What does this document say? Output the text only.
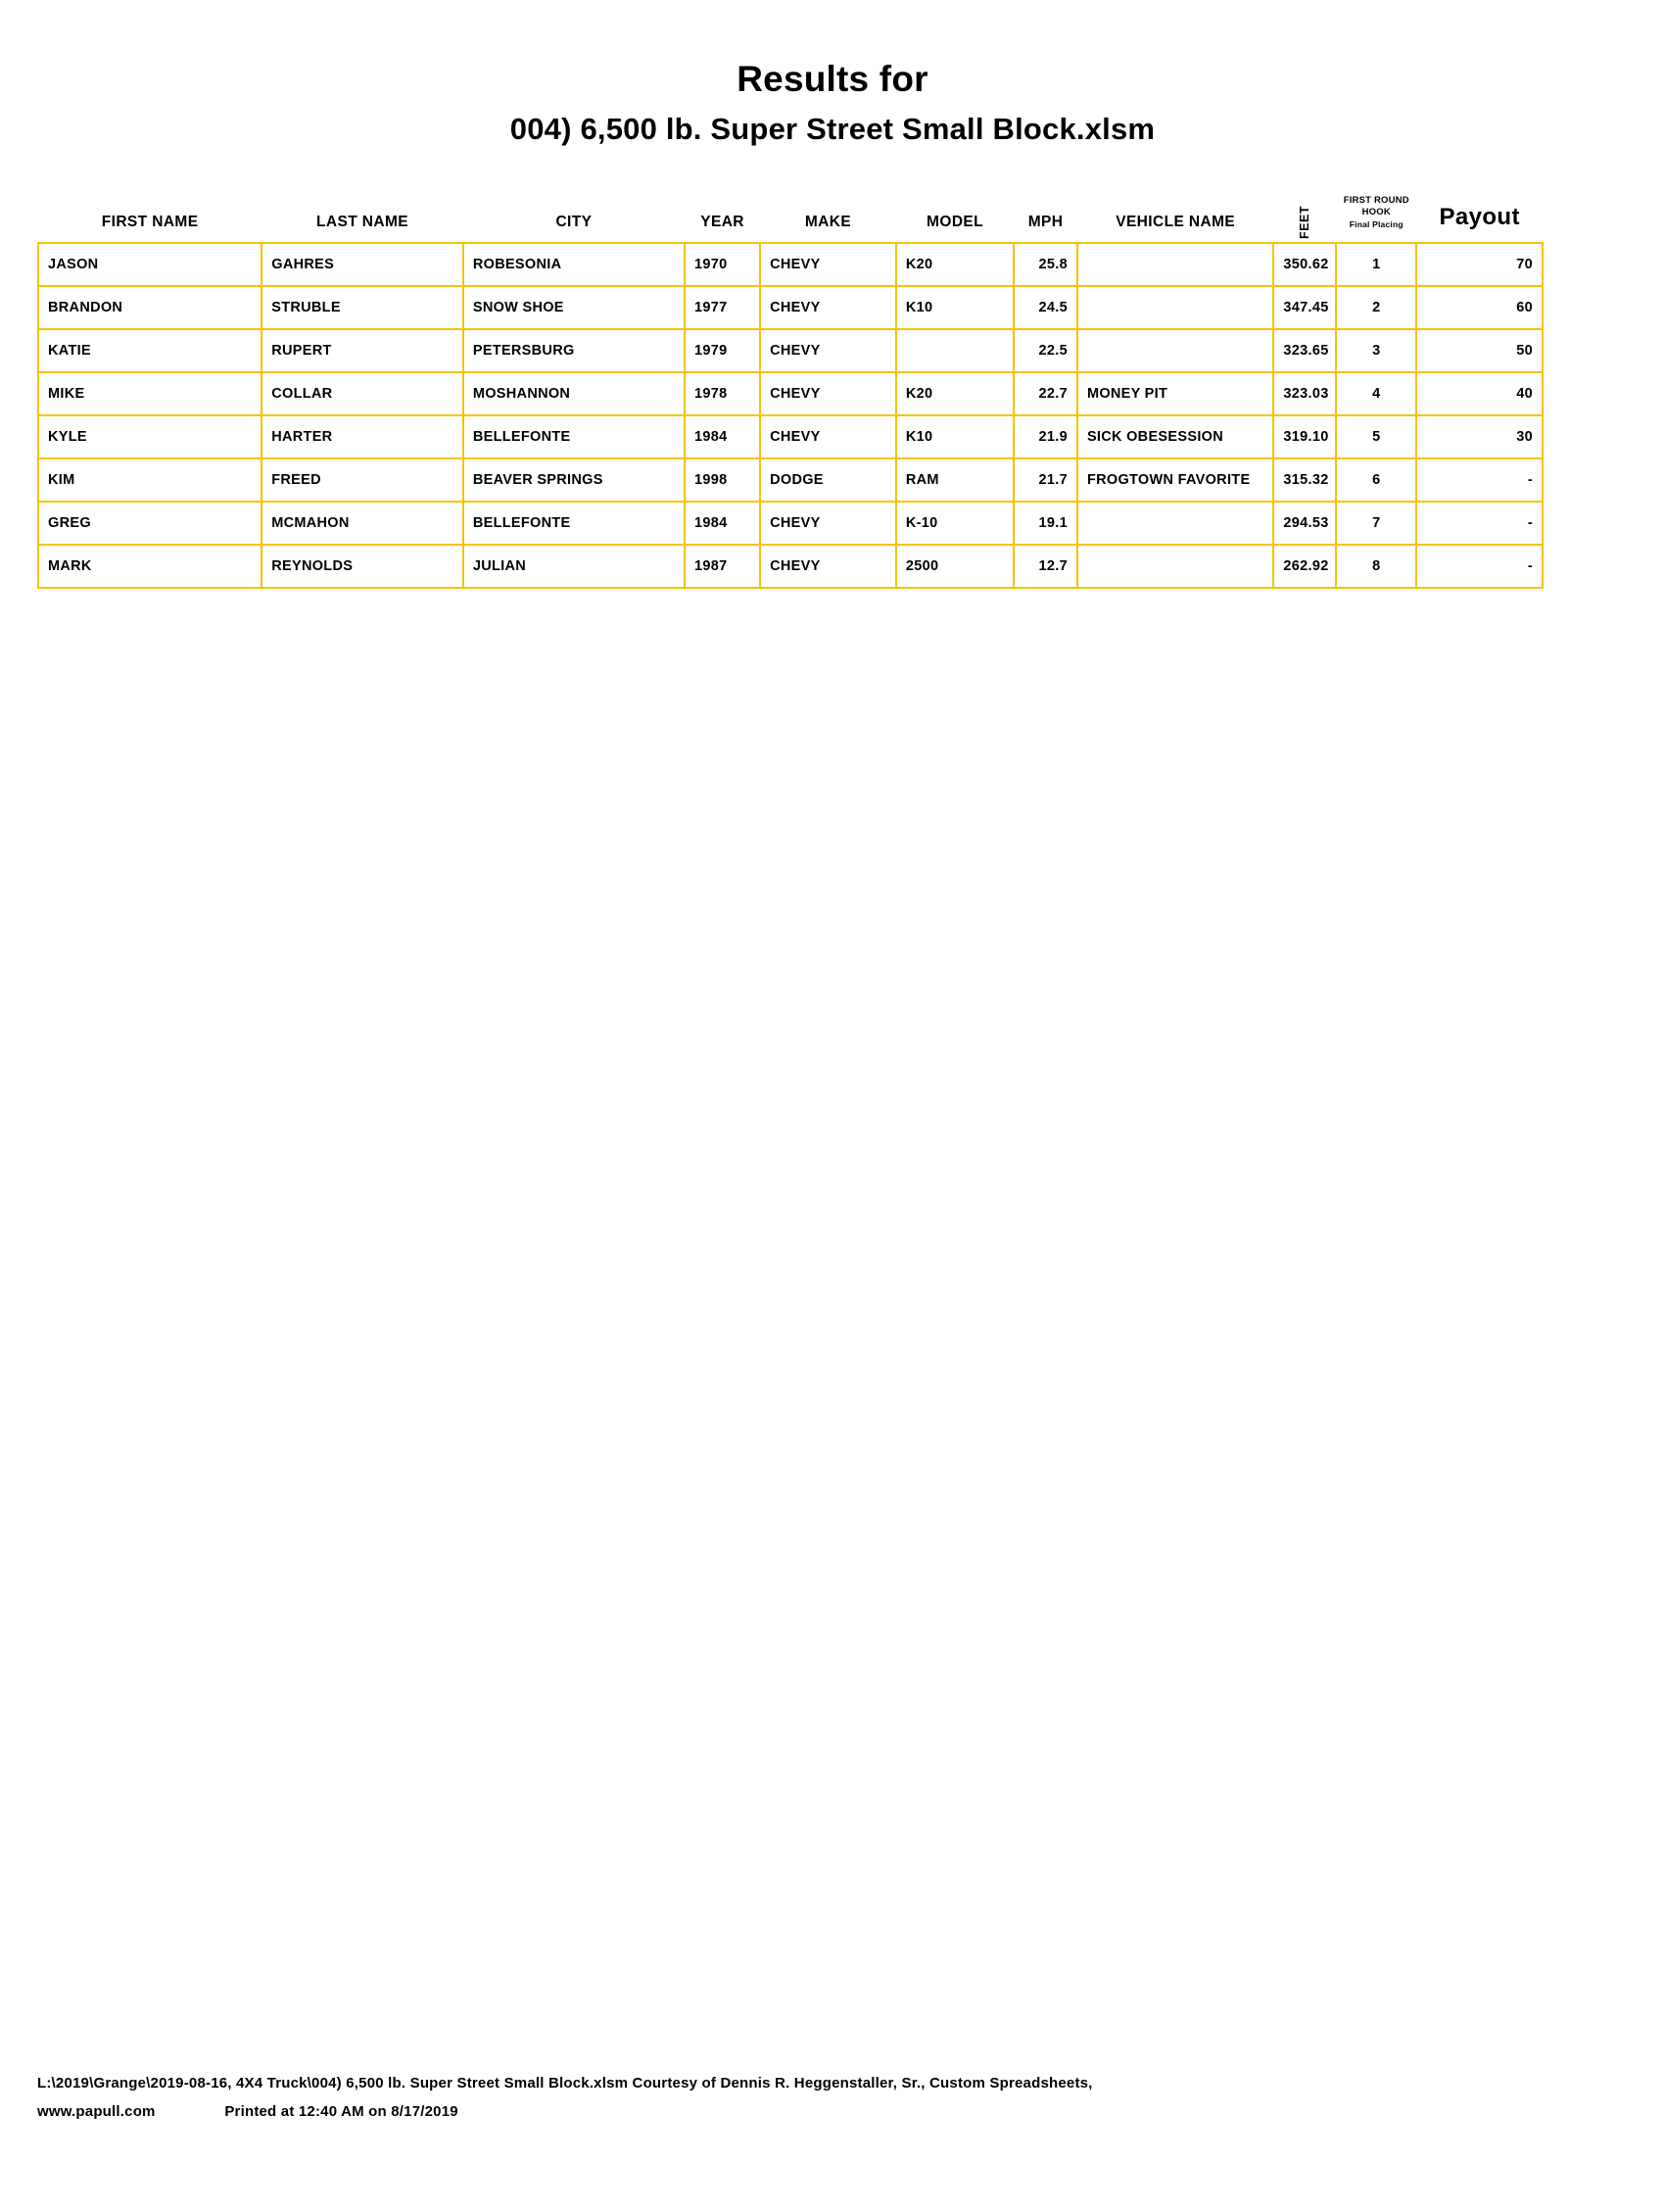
Results for
004) 6,500 lb. Super Street Small Block.xlsm
FIRST NAME	LAST NAME	CITY	YEAR	MAKE	MODEL	MPH	VEHICLE NAME	FEET	FIRST ROUND
HOOK
Final Placing	Payout
JASON	GAHRES	ROBESONIA	1970	CHEVY	K20	25.8		350.62	1	70
BRANDON	STRUBLE	SNOW SHOE	1977	CHEVY	K10	24.5		347.45	2	60
KATIE	RUPERT	PETERSBURG	1979	CHEVY		22.5		323.65	3	50
MIKE	COLLAR	MOSHANNON	1978	CHEVY	K20	22.7	MONEY PIT	323.03	4	40
KYLE	HARTER	BELLEFONTE	1984	CHEVY	K10	21.9	SICK OBESESSION	319.10	5	30
KIM	FREED	BEAVER SPRINGS	1998	DODGE	RAM	21.7	FROGTOWN FAVORITE	315.32	6	-
GREG	MCMAHON	BELLEFONTE	1984	CHEVY	K-10	19.1		294.53	7	-
MARK	REYNOLDS	JULIAN	1987	CHEVY	2500	12.7		262.92	8	-
L:\2019\Grange\2019-08-16, 4X4 Truck\004) 6,500 lb. Super Street Small Block.xlsm Courtesy of Dennis R. Heggenstaller, Sr., Custom Spreadsheets,
www.papull.com	Printed at 12:40 AM on 8/17/2019
